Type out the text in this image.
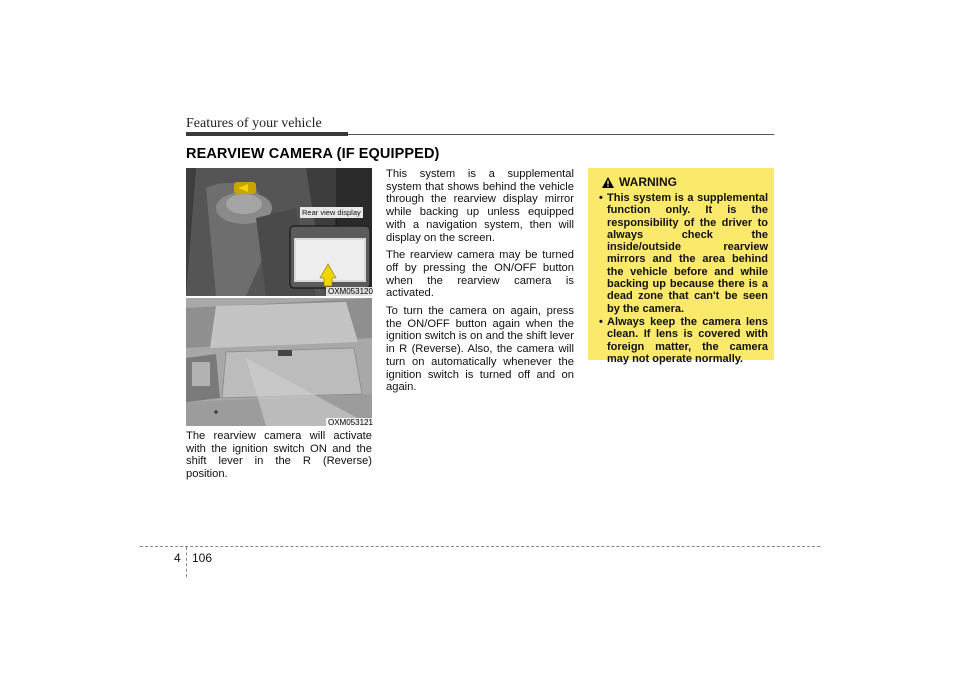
Features of your vehicle
REARVIEW CAMERA (IF EQUIPPED)
Rear view display
OXM053120
OXM053121

The rearview camera will activate with the ignition switch ON and the shift lever in the R (Reverse) position.

This system is a supplemental system that shows behind the vehicle through the rearview display mirror while backing up unless equipped with a navigation system, then will display on the screen.

The rearview camera may be turned off by pressing the ON/OFF button when the rearview camera is activated.

To turn the camera on again, press the ON/OFF button again when the ignition switch is on and the shift lever in R (Reverse). Also, the camera will turn on automatically whenever the ignition switch is turned off and on again.

WARNING
• This system is a supplemental function only. It is the responsibility of the driver to always check the inside/outside rearview mirrors and the area behind the vehicle before and while backing up because there is a dead zone that can't be seen by the camera.
• Always keep the camera lens clean. If lens is covered with foreign matter, the camera may not operate normally.
4 106
